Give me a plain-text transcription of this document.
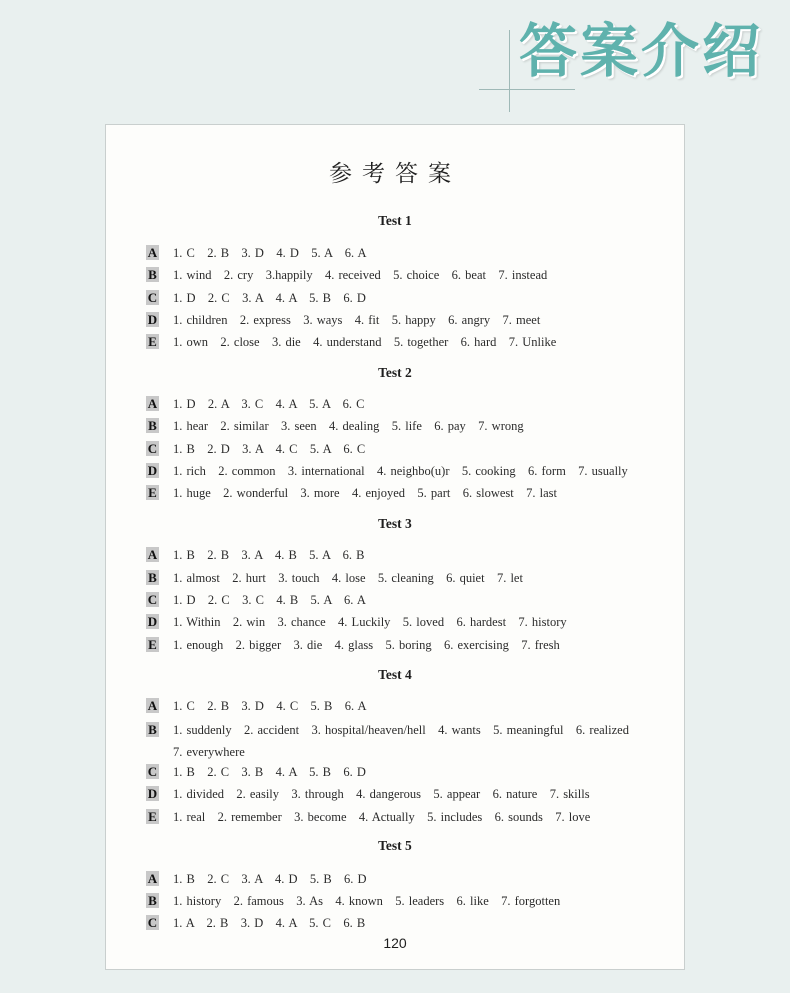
答案介绍
参考答案
Test 1
A 1. C   2. B   3. D   4. D   5. A   6. A
B 1. wind   2. cry   3.happily   4. received   5. choice   6. beat   7. instead
C 1. D   2. C   3. A   4. A   5. B   6. D
D 1. children   2. express   3. ways   4. fit   5. happy   6. angry   7. meet
E 1. own   2. close   3. die   4. understand   5. together   6. hard   7. Unlike
Test 2
A 1. D   2. A   3. C   4. A   5. A   6. C
B 1. hear   2. similar   3. seen   4. dealing   5. life   6. pay   7. wrong
C 1. B   2. D   3. A   4. C   5. A   6. C
D 1. rich   2. common   3. international   4. neighbo(u)r   5. cooking   6. form   7. usually
E 1. huge   2. wonderful   3. more   4. enjoyed   5. part   6. slowest   7. last
Test 3
A 1. B   2. B   3. A   4. B   5. A   6. B
B 1. almost   2. hurt   3. touch   4. lose   5. cleaning   6. quiet   7. let
C 1. D   2. C   3. C   4. B   5. A   6. A
D 1. Within   2. win   3. chance   4. Luckily   5. loved   6. hardest   7. history
E 1. enough   2. bigger   3. die   4. glass   5. boring   6. exercising   7. fresh
Test 4
A 1. C   2. B   3. D   4. C   5. B   6. A
B 1. suddenly   2. accident   3. hospital/heaven/hell   4. wants   5. meaningful   6. realized
7. everywhere
C 1. B   2. C   3. B   4. A   5. B   6. D
D 1. divided   2. easily   3. through   4. dangerous   5. appear   6. nature   7. skills
E 1. real   2. remember   3. become   4. Actually   5. includes   6. sounds   7. love
Test 5
A 1. B   2. C   3. A   4. D   5. B   6. D
B 1. history   2. famous   3. As   4. known   5. leaders   6. like   7. forgotten
C 1. A   2. B   3. D   4. A   5. C   6. B
120
